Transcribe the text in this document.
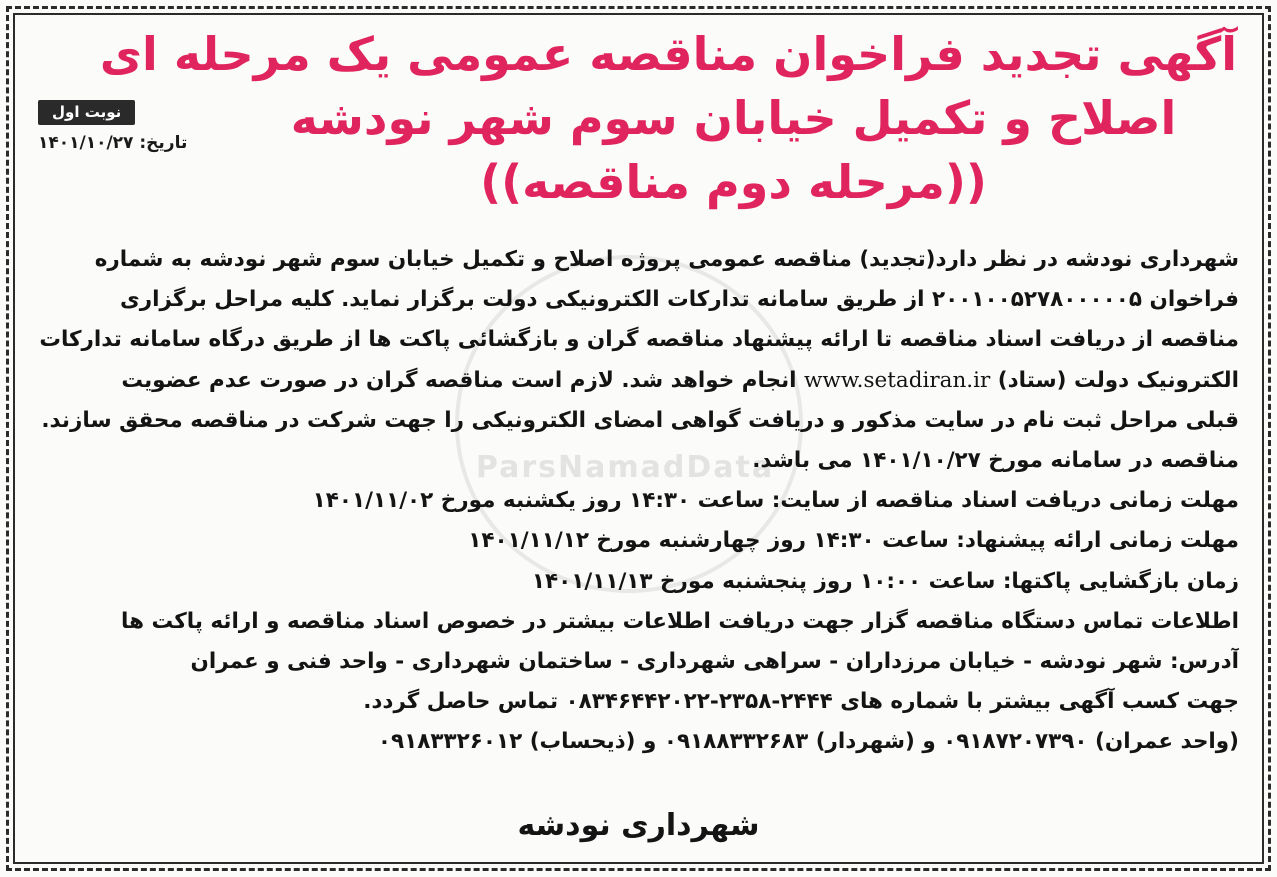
ParsNamadData
آگهی تجدید فراخوان مناقصه عمومی یک مرحله ای
اصلاح و تکمیل خیابان سوم شهر نودشه
((مرحله دوم مناقصه))
نوبت اول
تاریخ: ۱۴۰۱/۱۰/۲۷
شهرداری نودشه در نظر دارد(تجدید) مناقصه عمومی پروژه اصلاح و تکمیل خیابان سوم شهر نودشه به شماره
فراخوان ۲۰۰۱۰۰۵۲۷۸۰۰۰۰۰۵ از طریق سامانه تدارکات الکترونیکی دولت برگزار نماید. کلیه مراحل برگزاری
مناقصه از دریافت اسناد مناقصه تا ارائه پیشنهاد مناقصه گران و بازگشائی پاکت ها از طریق درگاه سامانه تدارکات
الکترونیک دولت (ستاد) www.setadiran.ir انجام خواهد شد. لازم است مناقصه گران در صورت عدم عضویت
قبلی مراحل ثبت نام در سایت مذکور و دریافت گواهی امضای الکترونیکی را جهت شرکت در مناقصه محقق سازند.
مناقصه در سامانه مورخ ۱۴۰۱/۱۰/۲۷ می باشد.
مهلت زمانی دریافت اسناد مناقصه از سایت: ساعت ۱۴:۳۰ روز یکشنبه مورخ ۱۴۰۱/۱۱/۰۲
مهلت زمانی ارائه پیشنهاد: ساعت ۱۴:۳۰ روز چهارشنبه مورخ ۱۴۰۱/۱۱/۱۲
زمان بازگشایی پاکتها: ساعت ۱۰:۰۰ روز پنجشنبه مورخ ۱۴۰۱/۱۱/۱۳
اطلاعات تماس دستگاه مناقصه گزار جهت دریافت اطلاعات بیشتر در خصوص اسناد مناقصه و ارائه پاکت ها
آدرس: شهر نودشه - خیابان مرزداران - سراهی شهرداری - ساختمان شهرداری - واحد فنی و عمران
جهت کسب آگهی بیشتر با شماره های ۲۴۴۴-۲۳۵۸-۰۸۳۴۶۴۴۲۰۲۲ تماس حاصل گردد.
(واحد عمران) ۰۹۱۸۷۲۰۷۳۹۰ و (شهردار) ۰۹۱۸۸۳۳۲۶۸۳ و (ذیحساب) ۰۹۱۸۳۳۲۶۰۱۲
شهرداری نودشه
